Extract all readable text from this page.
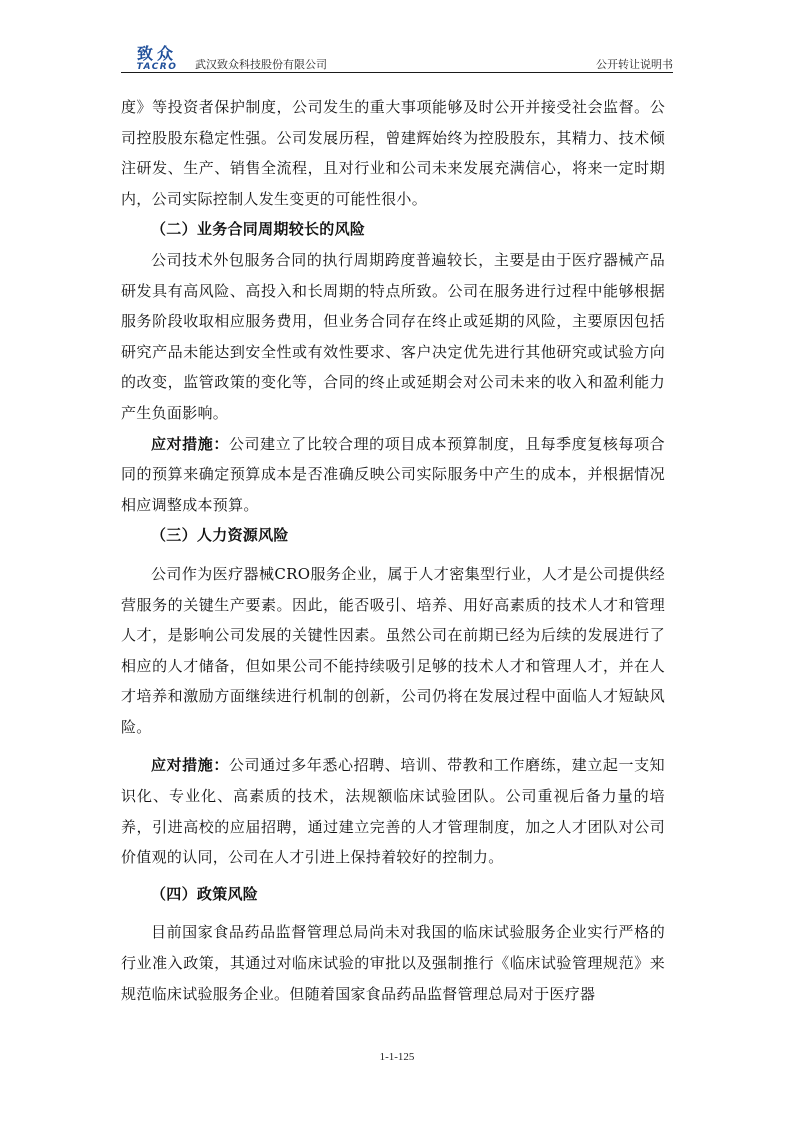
致众
TACRO 武汉致众科技股份有限公司	公开转让说明书

度》等投资者保护制度，公司发生的重大事项能够及时公开并接受社会监督。公司控股股东稳定性强。公司发展历程，曾建辉始终为控股股东，其精力、技术倾注研发、生产、销售全流程，且对行业和公司未来发展充满信心，将来一定时期内，公司实际控制人发生变更的可能性很小。

（二）业务合同周期较长的风险

公司技术外包服务合同的执行周期跨度普遍较长，主要是由于医疗器械产品研发具有高风险、高投入和长周期的特点所致。公司在服务进行过程中能够根据服务阶段收取相应服务费用，但业务合同存在终止或延期的风险，主要原因包括研究产品未能达到安全性或有效性要求、客户决定优先进行其他研究或试验方向的改变，监管政策的变化等，合同的终止或延期会对公司未来的收入和盈利能力产生负面影响。

应对措施：公司建立了比较合理的项目成本预算制度，且每季度复核每项合同的预算来确定预算成本是否准确反映公司实际服务中产生的成本，并根据情况相应调整成本预算。

（三）人力资源风险

公司作为医疗器械CRO服务企业，属于人才密集型行业，人才是公司提供经营服务的关键生产要素。因此，能否吸引、培养、用好高素质的技术人才和管理人才，是影响公司发展的关键性因素。虽然公司在前期已经为后续的发展进行了相应的人才储备，但如果公司不能持续吸引足够的技术人才和管理人才，并在人才培养和激励方面继续进行机制的创新，公司仍将在发展过程中面临人才短缺风险。

应对措施：公司通过多年悉心招聘、培训、带教和工作磨练，建立起一支知识化、专业化、高素质的技术，法规额临床试验团队。公司重视后备力量的培养，引进高校的应届招聘，通过建立完善的人才管理制度，加之人才团队对公司价值观的认同，公司在人才引进上保持着较好的控制力。

（四）政策风险

目前国家食品药品监督管理总局尚未对我国的临床试验服务企业实行严格的行业准入政策，其通过对临床试验的审批以及强制推行《临床试验管理规范》来规范临床试验服务企业。但随着国家食品药品监督管理总局对于医疗器

1-1-125
